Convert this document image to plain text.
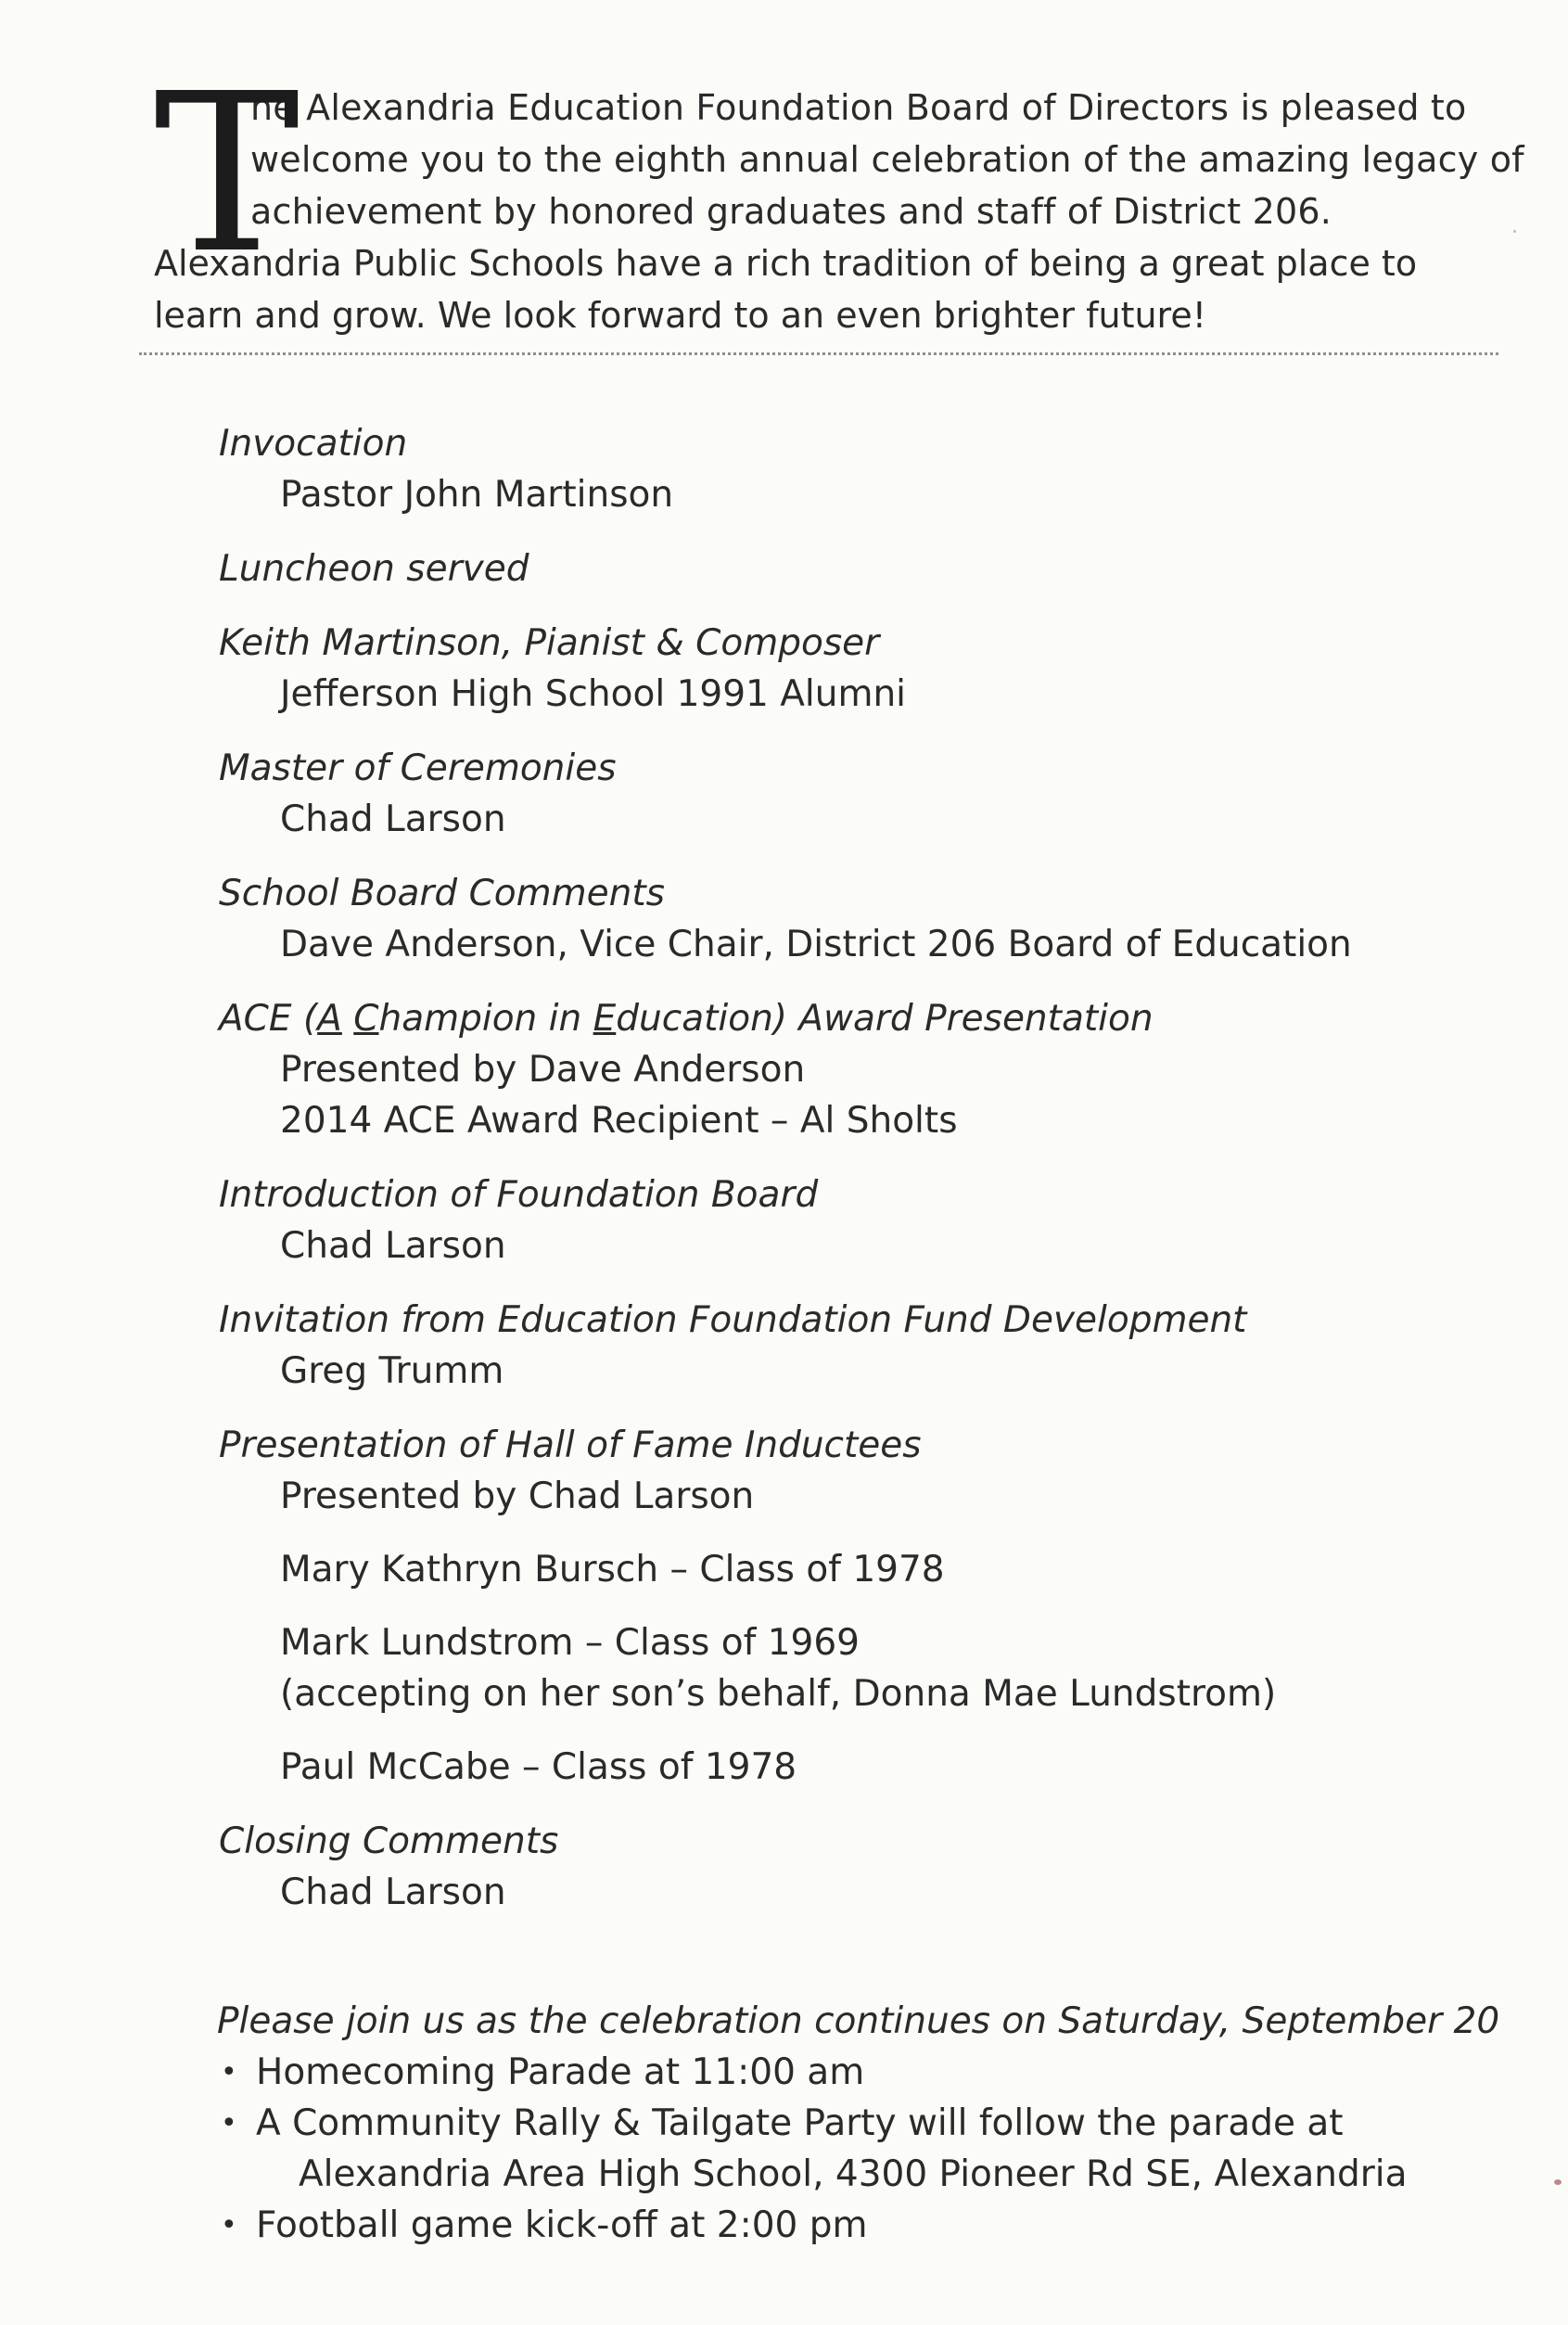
T
he Alexandria Education Foundation Board of Directors is pleased to
welcome you to the eighth annual celebration of the amazing legacy of
achievement by honored graduates and staff of District 206.
Alexandria Public Schools have a rich tradition of being a great place to
learn and grow. We look forward to an even brighter future!
Invocation
Pastor John Martinson
Luncheon served
Keith Martinson, Pianist & Composer
Jefferson High School 1991 Alumni
Master of Ceremonies
Chad Larson
School Board Comments
Dave Anderson, Vice Chair, District 206 Board of Education
ACE (A Champion in Education) Award Presentation
Presented by Dave Anderson
2014 ACE Award Recipient – Al Sholts
Introduction of Foundation Board
Chad Larson
Invitation from Education Foundation Fund Development
Greg Trumm
Presentation of Hall of Fame Inductees
Presented by Chad Larson
Mary Kathryn Bursch – Class of 1978
Mark Lundstrom – Class of 1969
(accepting on her son’s behalf, Donna Mae Lundstrom)
Paul McCabe – Class of 1978
Closing Comments
Chad Larson
Please join us as the celebration continues on Saturday, September 20
• Homecoming Parade at 11:00 am
• A Community Rally & Tailgate Party will follow the parade at
Alexandria Area High School, 4300 Pioneer Rd SE, Alexandria
• Football game kick-off at 2:00 pm
